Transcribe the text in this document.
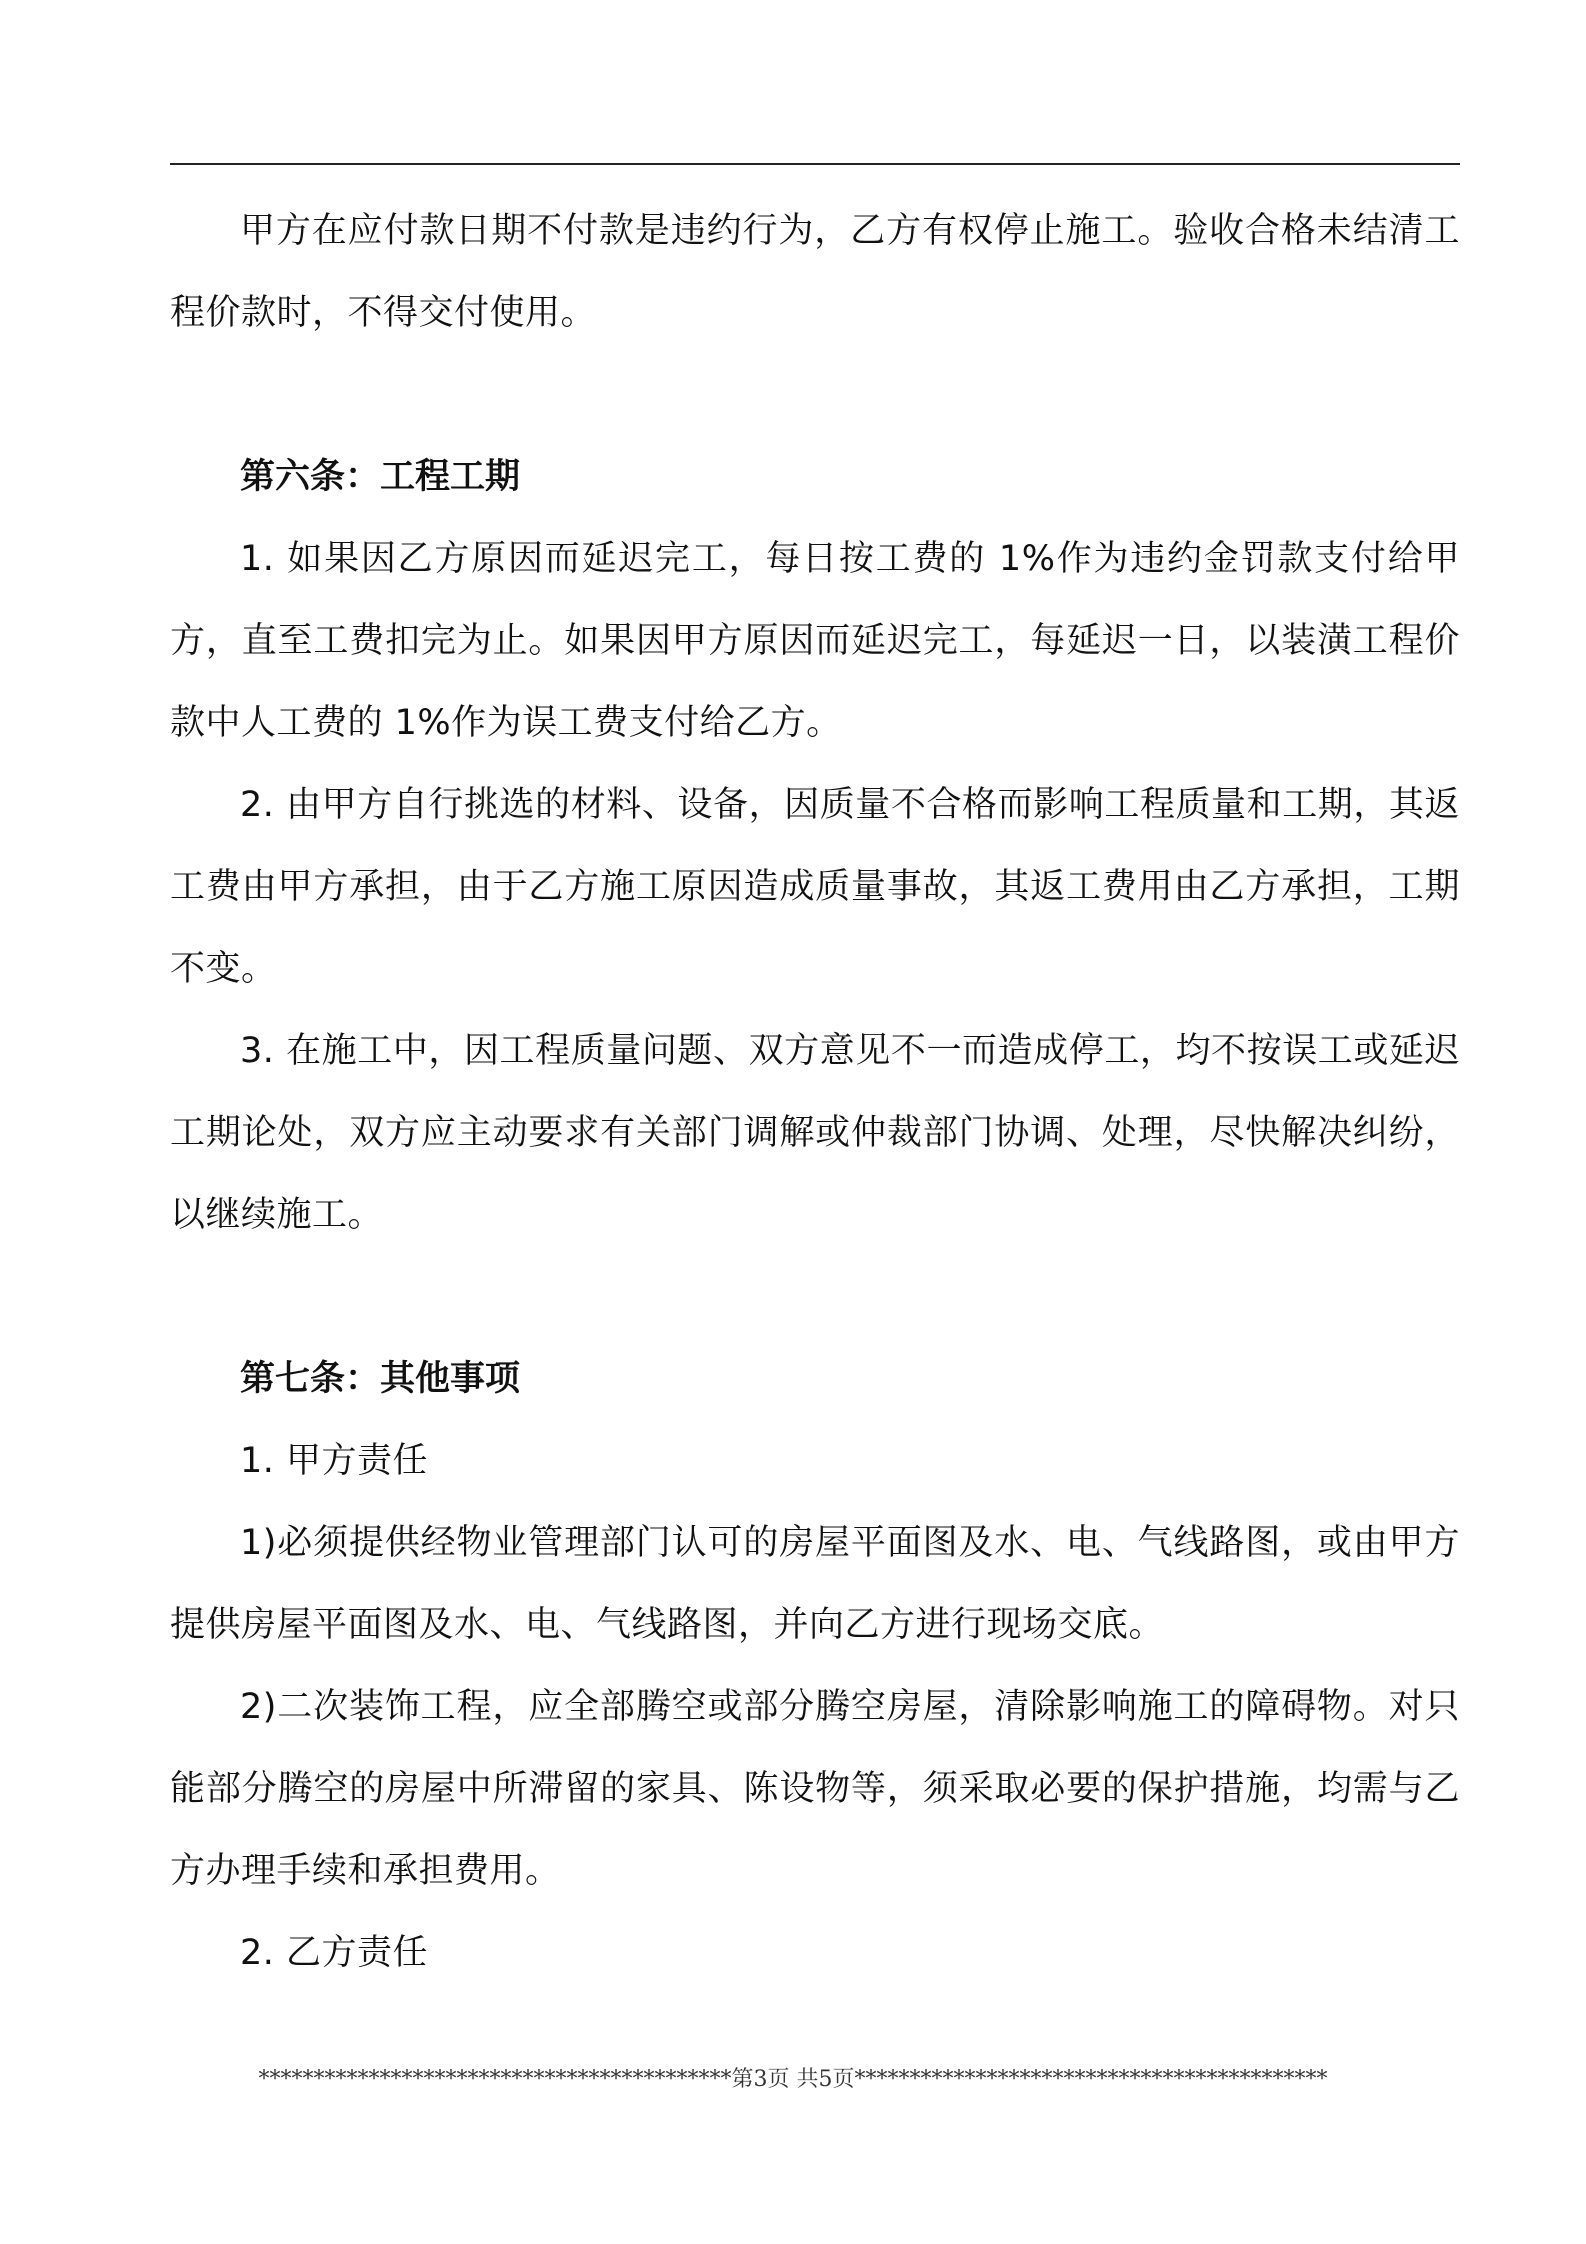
甲方在应付款日期不付款是违约行为，乙方有权停止施工。验收合格未结清工程价款时，不得交付使用。

第六条：工程工期

1. 如果因乙方原因而延迟完工，每日按工费的 1%作为违约金罚款支付给甲方，直至工费扣完为止。如果因甲方原因而延迟完工，每延迟一日，以装潢工程价款中人工费的 1%作为误工费支付给乙方。

2. 由甲方自行挑选的材料、设备，因质量不合格而影响工程质量和工期，其返工费由甲方承担，由于乙方施工原因造成质量事故，其返工费用由乙方承担，工期不变。

3. 在施工中，因工程质量问题、双方意见不一而造成停工，均不按误工或延迟工期论处，双方应主动要求有关部门调解或仲裁部门协调、处理，尽快解决纠纷，以继续施工。

第七条：其他事项

1. 甲方责任

1)必须提供经物业管理部门认可的房屋平面图及水、电、气线路图，或由甲方提供房屋平面图及水、电、气线路图，并向乙方进行现场交底。

2)二次装饰工程，应全部腾空或部分腾空房屋，清除影响施工的障碍物。对只能部分腾空的房屋中所滞留的家具、陈设物等，须采取必要的保护措施，均需与乙方办理手续和承担费用。

2. 乙方责任

*******************************************第3页 共5页*******************************************
